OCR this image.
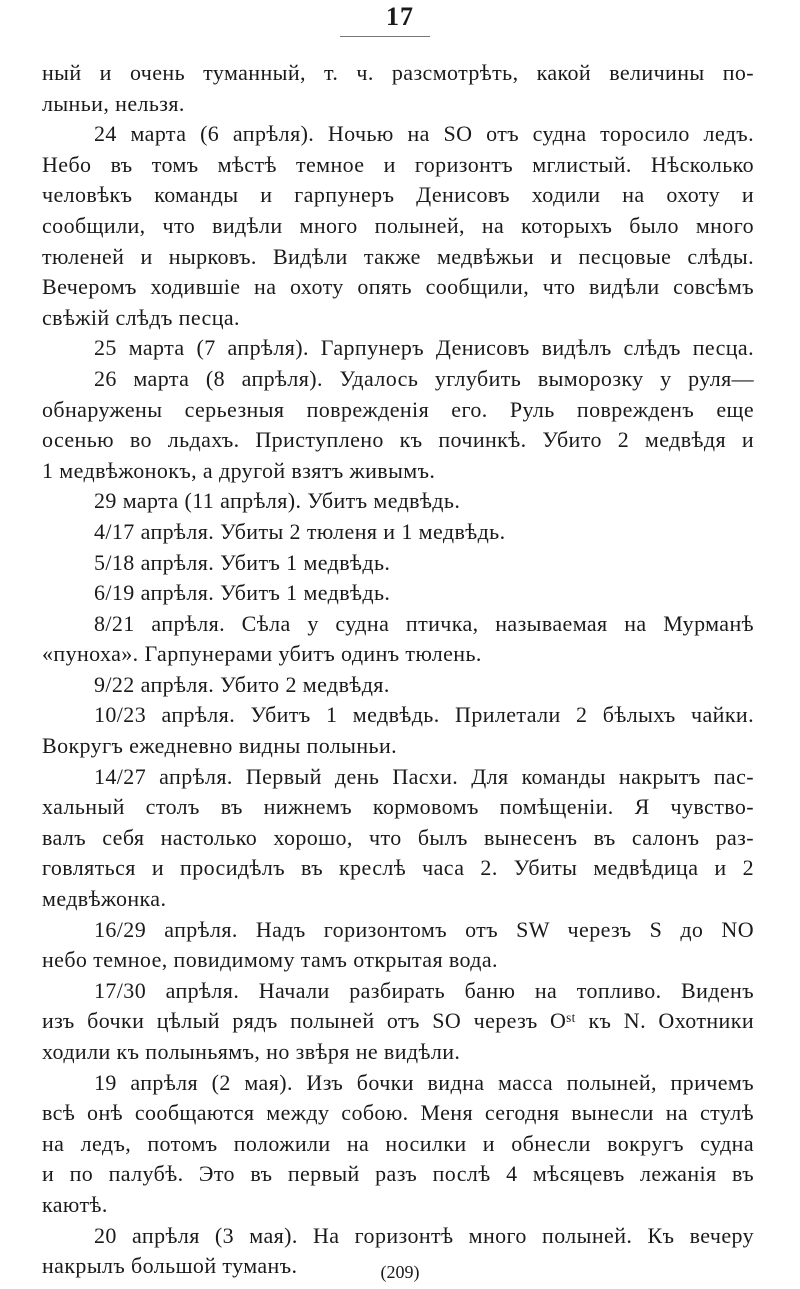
17
ный и очень туманный, т. ч. разсмотрѣть, какой величины по-
лыньи, нельзя.
24 марта (6 апрѣля). Ночью на SO отъ судна торосило ледъ.
Небо въ томъ мѣстѣ темное и горизонтъ мглистый. Нѣсколько
человѣкъ команды и гарпунеръ Денисовъ ходили на охоту и
сообщили, что видѣли много полыней, на которыхъ было много
тюленей и нырковъ. Видѣли также медвѣжьи и песцовые слѣды.
Вечеромъ ходившіе на охоту опять сообщили, что видѣли совсѣмъ
свѣжій слѣдъ песца.
25 марта (7 апрѣля). Гарпунеръ Денисовъ видѣлъ слѣдъ песца.
26 марта (8 апрѣля). Удалось углубить выморозку у руля—
обнаружены серьезныя поврежденія его. Руль поврежденъ еще
осенью во льдахъ. Приступлено къ починкѣ. Убито 2 медвѣдя и
1 медвѣжонокъ, а другой взятъ живымъ.
29 марта (11 апрѣля). Убитъ медвѣдь.
4/17 апрѣля. Убиты 2 тюленя и 1 медвѣдь.
5/18 апрѣля. Убитъ 1 медвѣдь.
6/19 апрѣля. Убитъ 1 медвѣдь.
8/21 апрѣля. Сѣла у судна птичка, называемая на Мурманѣ
«пуноха». Гарпунерами убитъ одинъ тюлень.
9/22 апрѣля. Убито 2 медвѣдя.
10/23 апрѣля. Убитъ 1 медвѣдь. Прилетали 2 бѣлыхъ чайки.
Вокругъ ежедневно видны полыньи.
14/27 апрѣля. Первый день Пасхи. Для команды накрытъ пас-
хальный столъ въ нижнемъ кормовомъ помѣщеніи. Я чувство-
валъ себя настолько хорошо, что былъ вынесенъ въ салонъ раз-
говляться и просидѣлъ въ креслѣ часа 2. Убиты медвѣдица и 2
медвѣжонка.
16/29 апрѣля. Надъ горизонтомъ отъ SW черезъ S до NO
небо темное, повидимому тамъ открытая вода.
17/30 апрѣля. Начали разбирать баню на топливо. Виденъ
изъ бочки цѣлый рядъ полыней отъ SO черезъ Oˢᵗ къ N. Охотники
ходили къ полыньямъ, но звѣря не видѣли.
19 апрѣля (2 мая). Изъ бочки видна масса полыней, причемъ
всѣ онѣ сообщаются между собою. Меня сегодня вынесли на стулѣ
на ледъ, потомъ положили на носилки и обнесли вокругъ судна
и по палубѣ. Это въ первый разъ послѣ 4 мѣсяцевъ лежанія въ
каютѣ.
20 апрѣля (3 мая). На горизонтѣ много полыней. Къ вечеру
накрылъ большой туманъ.	(209)
